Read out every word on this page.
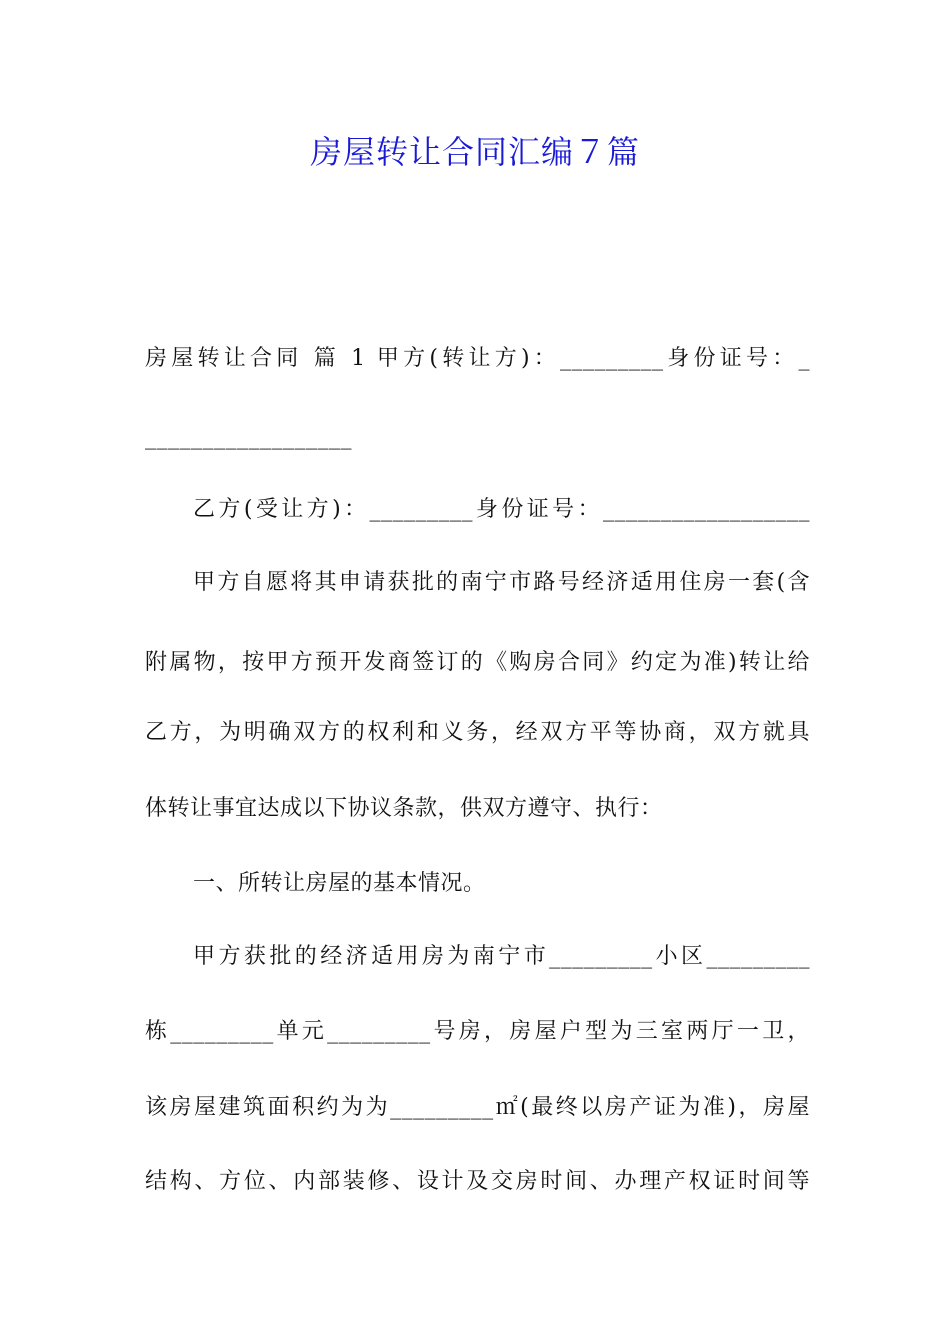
房屋转让合同汇编７篇
房屋转让合同 篇 1 甲方(转让方)：_________身份证号：_
__________________
乙方(受让方)：_________身份证号：__________________
甲方自愿将其申请获批的南宁市路号经济适用住房一套(含
附属物，按甲方预开发商签订的《购房合同》约定为准)转让给
乙方，为明确双方的权利和义务，经双方平等协商，双方就具
体转让事宜达成以下协议条款，供双方遵守、执行：
一、所转让房屋的基本情况。
甲方获批的经济适用房为南宁市_________小区_________
栋_________单元_________号房，房屋户型为三室两厅一卫，
该房屋建筑面积约为为_________㎡(最终以房产证为准)，房屋
结构、方位、内部装修、设计及交房时间、办理产权证时间等
